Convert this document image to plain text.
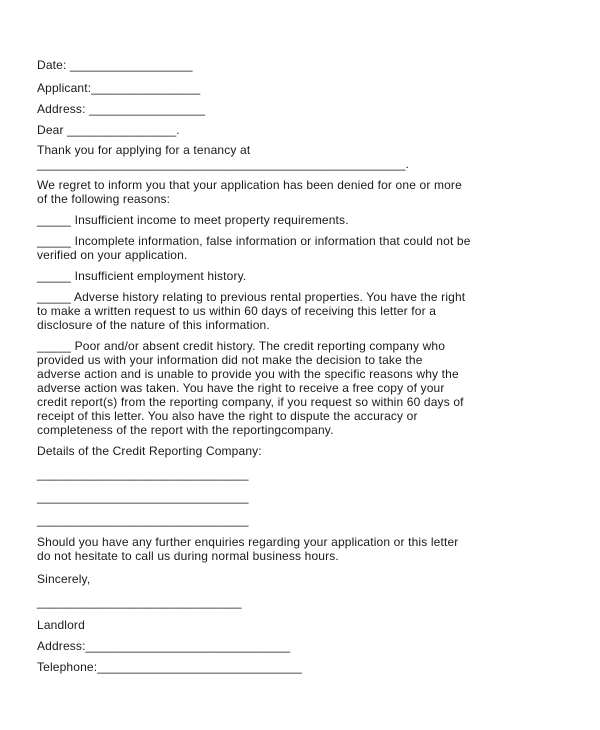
Date: __________________
Applicant:________________
Address: _________________
Dear ________________.
Thank you for applying for a tenancy at
______________________________________________________.
We regret to inform you that your application has been denied for one or more
of the following reasons:
_____ Insufficient income to meet property requirements.
_____ Incomplete information, false information or information that could not be
verified on your application.
_____ Insufficient employment history.
_____ Adverse history relating to previous rental properties. You have the right
to make a written request to us within 60 days of receiving this letter for a
disclosure of the nature of this information.
_____ Poor and/or absent credit history. The credit reporting company who
provided us with your information did not make the decision to take the
adverse action and is unable to provide you with the specific reasons why the
adverse action was taken. You have the right to receive a free copy of your
credit report(s) from the reporting company, if you request so within 60 days of
receipt of this letter. You also have the right to dispute the accuracy or
completeness of the report with the reportingcompany.
Details of the Credit Reporting Company:
_______________________________
_______________________________
_______________________________
Should you have any further enquiries regarding your application or this letter
do not hesitate to call us during normal business hours.
Sincerely,
______________________________
Landlord
Address:______________________________
Telephone:______________________________
